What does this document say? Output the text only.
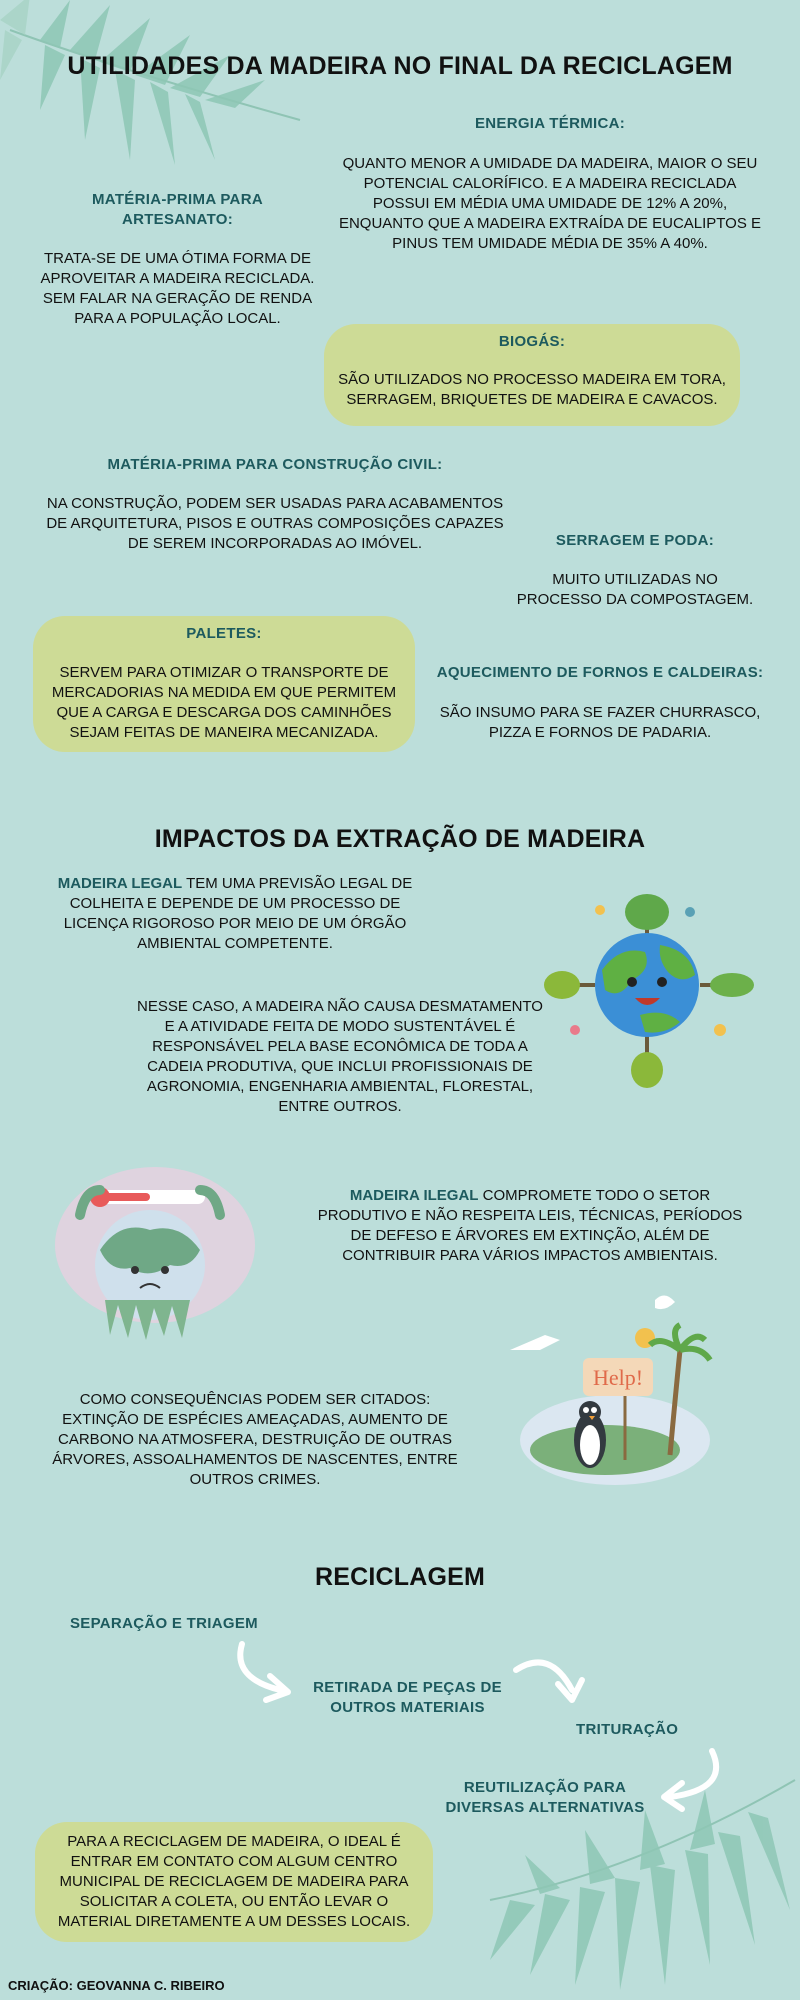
UTILIDADES DA MADEIRA NO FINAL DA RECICLAGEM
ENERGIA TÉRMICA:
QUANTO MENOR A UMIDADE DA MADEIRA, MAIOR O SEU POTENCIAL CALORÍFICO. E A MADEIRA RECICLADA POSSUI EM MÉDIA UMA UMIDADE DE 12% A 20%, ENQUANTO QUE A MADEIRA EXTRAÍDA DE EUCALIPTOS E PINUS TEM UMIDADE MÉDIA DE 35% A 40%.
MATÉRIA-PRIMA PARA ARTESANATO:
TRATA-SE DE UMA ÓTIMA FORMA DE APROVEITAR A MADEIRA RECICLADA. SEM FALAR NA GERAÇÃO DE RENDA PARA A POPULAÇÃO LOCAL.
BIOGÁS:
SÃO UTILIZADOS NO PROCESSO MADEIRA EM TORA, SERRAGEM, BRIQUETES DE MADEIRA E CAVACOS.
MATÉRIA-PRIMA PARA CONSTRUÇÃO CIVIL:
NA CONSTRUÇÃO, PODEM SER USADAS PARA ACABAMENTOS DE ARQUITETURA, PISOS E OUTRAS COMPOSIÇÕES CAPAZES DE SEREM INCORPORADAS AO IMÓVEL.	SERRAGEM E PODA:
MUITO UTILIZADAS NO PROCESSO DA COMPOSTAGEM.
PALETES:
SERVEM PARA OTIMIZAR O TRANSPORTE DE MERCADORIAS NA MEDIDA EM QUE PERMITEM QUE A CARGA E DESCARGA DOS CAMINHÕES SEJAM FEITAS DE MANEIRA MECANIZADA.
AQUECIMENTO DE FORNOS E CALDEIRAS:
SÃO INSUMO PARA SE FAZER CHURRASCO, PIZZA E FORNOS DE PADARIA.
IMPACTOS DA EXTRAÇÃO DE MADEIRA
MADEIRA LEGAL TEM UMA PREVISÃO LEGAL DE COLHEITA E DEPENDE DE UM PROCESSO DE LICENÇA RIGOROSO POR MEIO DE UM ÓRGÃO AMBIENTAL COMPETENTE.
NESSE CASO, A MADEIRA NÃO CAUSA DESMATAMENTO E A ATIVIDADE FEITA DE MODO SUSTENTÁVEL É RESPONSÁVEL PELA BASE ECONÔMICA DE TODA A CADEIA PRODUTIVA, QUE INCLUI PROFISSIONAIS DE AGRONOMIA, ENGENHARIA AMBIENTAL, FLORESTAL, ENTRE OUTROS.
MADEIRA ILEGAL COMPROMETE TODO O SETOR PRODUTIVO E NÃO RESPEITA LEIS, TÉCNICAS, PERÍODOS DE DEFESO E ÁRVORES EM EXTINÇÃO, ALÉM DE CONTRIBUIR PARA VÁRIOS IMPACTOS AMBIENTAIS.
Help!
COMO CONSEQUÊNCIAS PODEM SER CITADOS: EXTINÇÃO DE ESPÉCIES AMEAÇADAS, AUMENTO DE CARBONO NA ATMOSFERA, DESTRUIÇÃO DE OUTRAS ÁRVORES, ASSOALHAMENTOS DE NASCENTES, ENTRE OUTROS CRIMES.
RECICLAGEM
SEPARAÇÃO E TRIAGEM
RETIRADA DE PEÇAS DE OUTROS MATERIAIS
TRITURAÇÃO
REUTILIZAÇÃO PARA DIVERSAS ALTERNATIVAS
PARA A RECICLAGEM DE MADEIRA, O IDEAL É ENTRAR EM CONTATO COM ALGUM CENTRO MUNICIPAL DE RECICLAGEM DE MADEIRA PARA SOLICITAR A COLETA, OU ENTÃO LEVAR O MATERIAL DIRETAMENTE A UM DESSES LOCAIS.
CRIAÇÃO: GEOVANNA C. RIBEIRO
